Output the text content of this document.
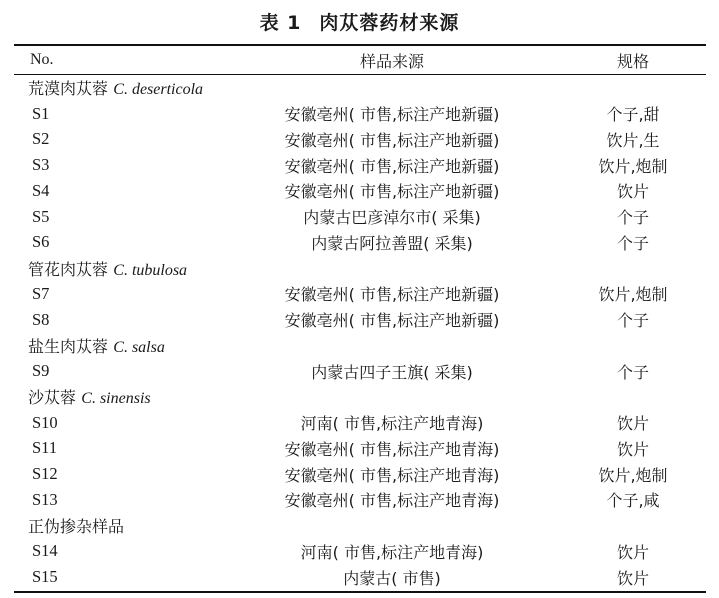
表 1 肉苁蓉药材来源
No.	样品来源	规格
荒漠肉苁蓉 C. deserticola		
S1	安徽亳州( 市售,标注产地新疆)	个子,甜
S2	安徽亳州( 市售,标注产地新疆)	饮片,生
S3	安徽亳州( 市售,标注产地新疆)	饮片,炮制
S4	安徽亳州( 市售,标注产地新疆)	饮片
S5	内蒙古巴彦淖尔市( 采集)	个子
S6	内蒙古阿拉善盟( 采集)	个子
管花肉苁蓉 C. tubulosa		
S7	安徽亳州( 市售,标注产地新疆)	饮片,炮制
S8	安徽亳州( 市售,标注产地新疆)	个子
盐生肉苁蓉 C. salsa		
S9	内蒙古四子王旗( 采集)	个子
沙苁蓉 C. sinensis		
S10	河南( 市售,标注产地青海)	饮片
S11	安徽亳州( 市售,标注产地青海)	饮片
S12	安徽亳州( 市售,标注产地青海)	饮片,炮制
S13	安徽亳州( 市售,标注产地青海)	个子,咸
正伪掺杂样品		
S14	河南( 市售,标注产地青海)	饮片
S15	内蒙古( 市售)	饮片
